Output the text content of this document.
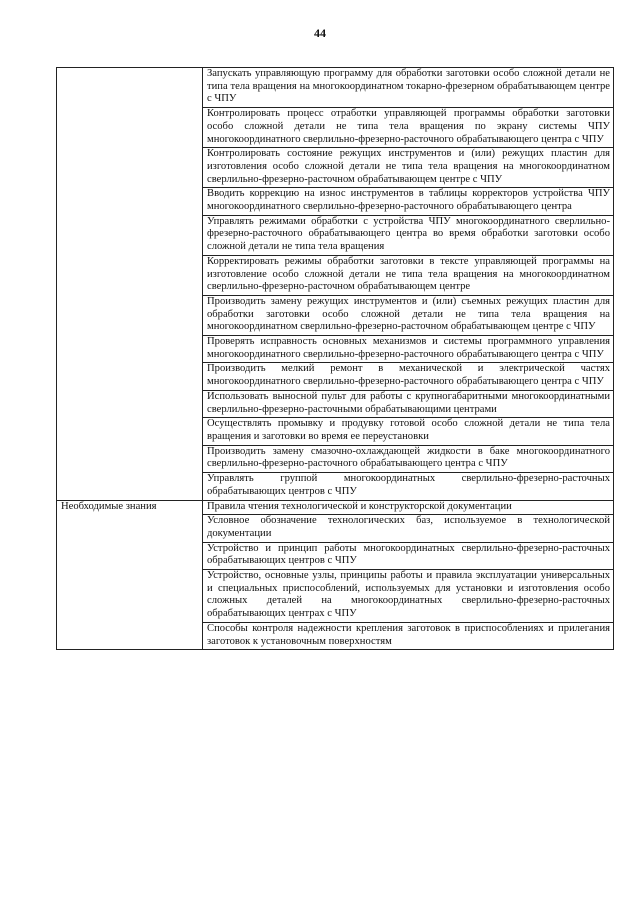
44
	Запускать управляющую программу для обработки заготовки особо сложной детали не типа тела вращения на многокоординатном токарно-фрезерном обрабатывающем центре с ЧПУ
	Контролировать процесс отработки управляющей программы обработки заготовки особо сложной детали не типа тела вращения по экрану системы ЧПУ многокоординатного сверлильно-фрезерно-расточного обрабатывающего центра с ЧПУ
	Контролировать состояние режущих инструментов и (или) режущих пластин для изготовления особо сложной детали не типа тела вращения на многокоординатном сверлильно-фрезерно-расточном обрабатывающем центре с ЧПУ
	Вводить коррекцию на износ инструментов в таблицы корректоров устройства ЧПУ многокоординатного сверлильно-фрезерно-расточного обрабатывающего центра
	Управлять режимами обработки с устройства ЧПУ многокоординатного сверлильно-фрезерно-расточного обрабатывающего центра во время обработки заготовки особо сложной детали не типа тела вращения
	Корректировать режимы обработки заготовки в тексте управляющей программы на изготовление особо сложной детали не типа тела вращения на многокоординатном сверлильно-фрезерно-расточном обрабатывающем центре
	Производить замену режущих инструментов и (или) съемных режущих пластин для обработки заготовки особо сложной детали не типа тела вращения на многокоординатном сверлильно-фрезерно-расточном обрабатывающем центре с ЧПУ
	Проверять исправность основных механизмов и системы программного управления многокоординатного сверлильно-фрезерно-расточного обрабатывающего центра с ЧПУ
	Производить мелкий ремонт в механической и электрической частях многокоординатного сверлильно-фрезерно-расточного обрабатывающего центра с ЧПУ
	Использовать выносной пульт для работы с крупногабаритными многокоординатными сверлильно-фрезерно-расточными обрабатывающими центрами
	Осуществлять промывку и продувку готовой особо сложной детали не типа тела вращения и заготовки во время ее переустановки
	Производить замену смазочно-охлаждающей жидкости в баке многокоординатного сверлильно-фрезерно-расточного обрабатывающего центра с ЧПУ
	Управлять группой многокоординатных сверлильно-фрезерно-расточных обрабатывающих центров с ЧПУ
Необходимые знания	Правила чтения технологической и конструкторской документации
	Условное обозначение технологических баз, используемое в технологической документации
	Устройство и принцип работы многокоординатных сверлильно-фрезерно-расточных обрабатывающих центров с ЧПУ
	Устройство, основные узлы, принципы работы и правила эксплуатации универсальных и специальных приспособлений, используемых для установки и изготовления особо сложных деталей на многокоординатных сверлильно-фрезерно-расточных обрабатывающих центрах с ЧПУ
	Способы контроля надежности крепления заготовок в приспособлениях и прилегания заготовок к установочным поверхностям
